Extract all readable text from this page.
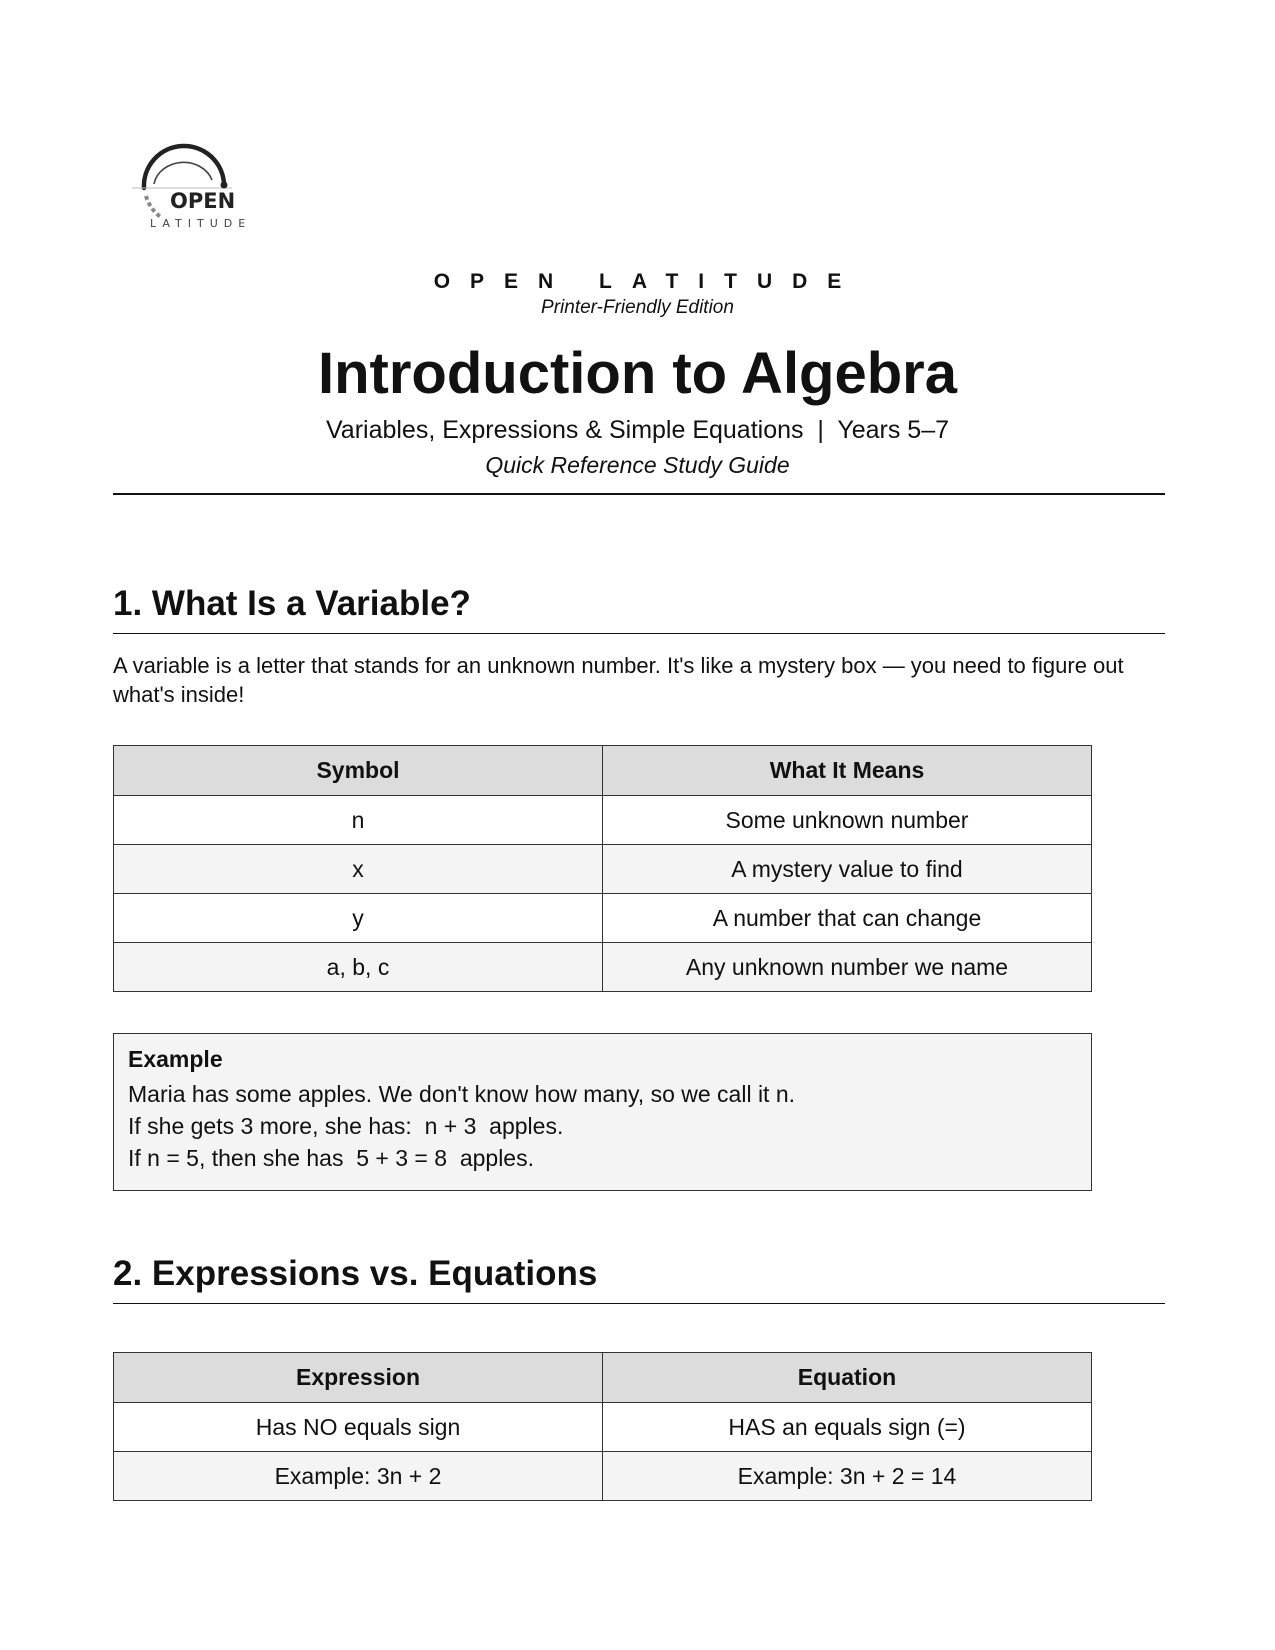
OPEN
LATITUDE
OPEN LATITUDE
Printer-Friendly Edition
Introduction to Algebra
Variables, Expressions & Simple Equations  |  Years 5–7
Quick Reference Study Guide
1. What Is a Variable?
A variable is a letter that stands for an unknown number. It's like a mystery box — you need to figure out what's inside!
Symbol	What It Means
n	Some unknown number
x	A mystery value to find
y	A number that can change
a, b, c	Any unknown number we name
Example
Maria has some apples. We don't know how many, so we call it n.
If she gets 3 more, she has:  n + 3  apples.
If n = 5, then she has  5 + 3 = 8  apples.
2. Expressions vs. Equations
Expression	Equation
Has NO equals sign	HAS an equals sign (=)
Example: 3n + 2	Example: 3n + 2 = 14
